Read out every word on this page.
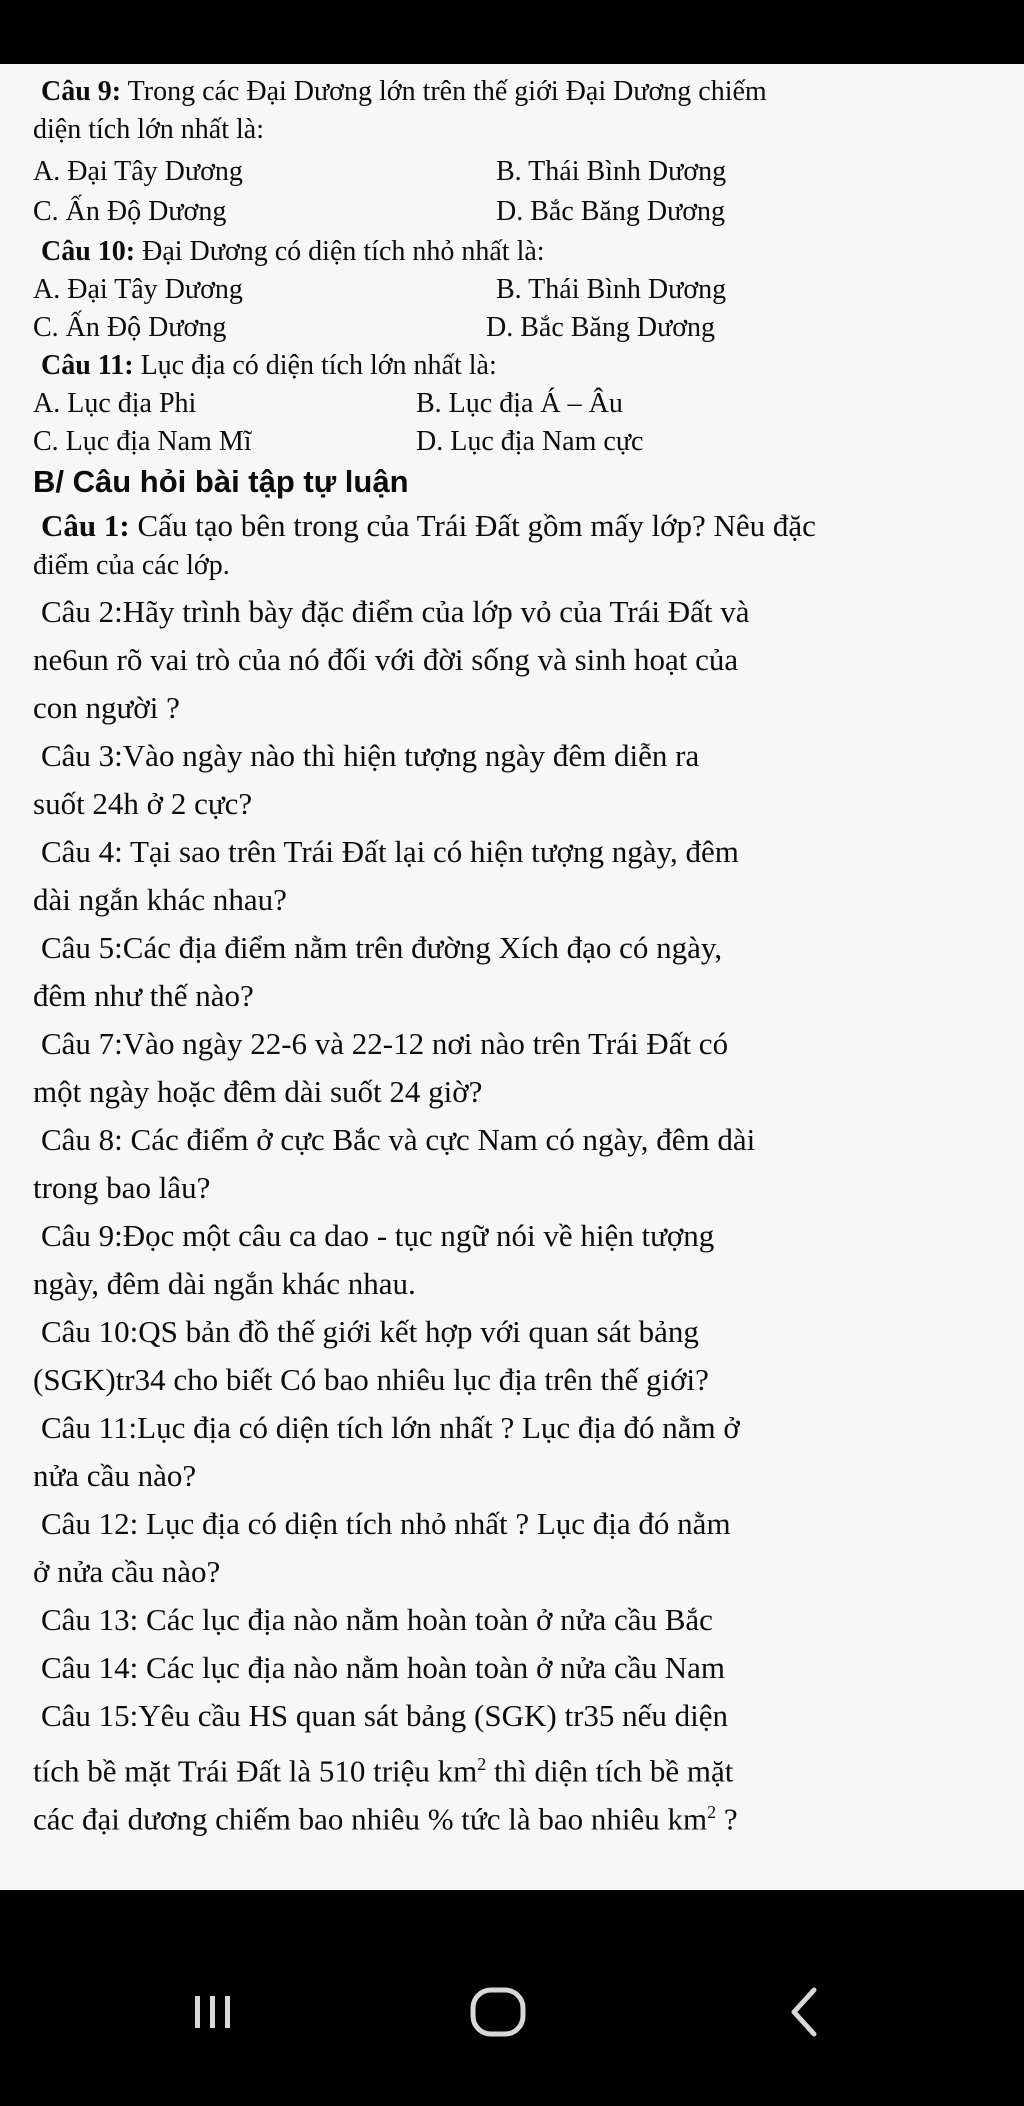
Câu 9: Trong các Đại Dương lớn trên thế giới Đại Dương chiếm
diện tích lớn nhất là:
A. Đại Tây Dương	B. Thái Bình Dương
C. Ấn Độ Dương	D. Bắc Băng Dương
Câu 10: Đại Dương có diện tích nhỏ nhất là:
A. Đại Tây Dương	B. Thái Bình Dương
C. Ấn Độ Dương	D. Bắc Băng Dương
Câu 11: Lục địa có diện tích lớn nhất là:
A. Lục địa Phi	B. Lục địa Á – Âu
C. Lục địa Nam Mĩ	D. Lục địa Nam cực
B/ Câu hỏi bài tập tự luận
Câu 1: Cấu tạo bên trong của Trái Đất gồm mấy lớp? Nêu đặc
điểm của các lớp.
Câu 2:Hãy trình bày đặc điểm của lớp vỏ của Trái Đất và
ne6un rõ vai trò của nó đối với đời sống và sinh hoạt của
con người ?
Câu 3:Vào ngày nào thì hiện tượng ngày đêm diễn ra
suốt 24h ở 2 cực?
Câu 4: Tại sao trên Trái Đất lại có hiện tượng ngày, đêm
dài ngắn khác nhau?
Câu 5:Các địa điểm nằm trên đường Xích đạo có ngày,
đêm như thế nào?
Câu 7:Vào ngày 22-6 và 22-12 nơi nào trên Trái Đất có
một ngày hoặc đêm dài suốt 24 giờ?
Câu 8: Các điểm ở cực Bắc và cực Nam có ngày, đêm dài
trong bao lâu?
Câu 9:Đọc một câu ca dao - tục ngữ nói về hiện tượng
ngày, đêm dài ngắn khác nhau.
Câu 10:QS bản đồ thế giới kết hợp với quan sát bảng
(SGK)tr34 cho biết Có bao nhiêu lục địa trên thế giới?
Câu 11:Lục địa có diện tích lớn nhất ? Lục địa đó nằm ở
nửa cầu nào?
Câu 12: Lục địa có diện tích nhỏ nhất ? Lục địa đó nằm
ở nửa cầu nào?
Câu 13: Các lục địa nào nằm hoàn toàn ở nửa cầu Bắc
Câu 14: Các lục địa nào nằm hoàn toàn ở nửa cầu Nam
Câu 15:Yêu cầu HS quan sát bảng (SGK) tr35 nếu diện
tích bề mặt Trái Đất là 510 triệu $km^2$ thì diện tích bề mặt
các đại dương chiếm bao nhiêu % tức là bao nhiêu $km^2$ ?
